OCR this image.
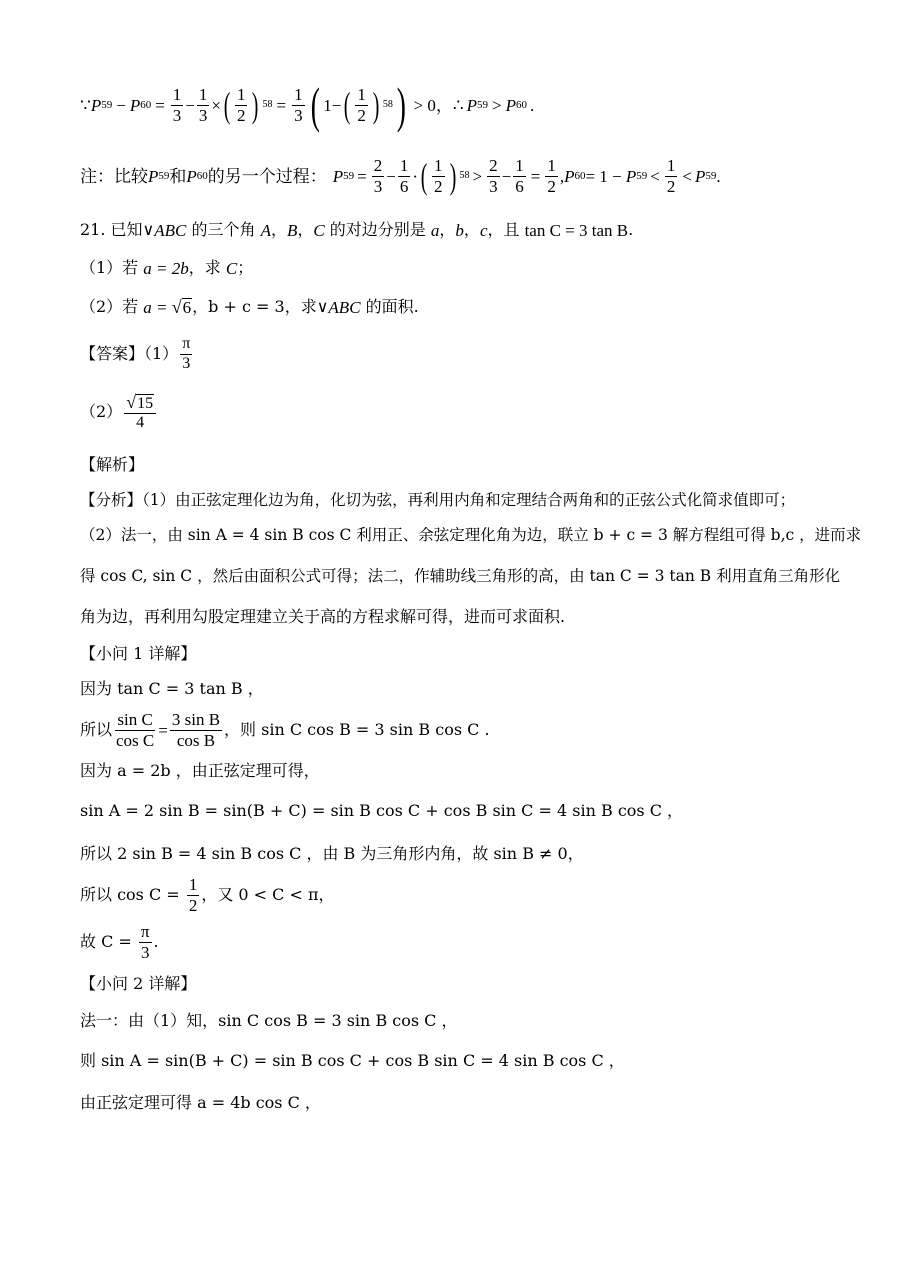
∵ P 59 − P $60 = \frac{1}{3} - \frac{1}{3}$ × ( $\frac{1}{2}$ ) $58 = \frac{1}{3}$ ( 1− ( $\frac{1}{2}$ ) 58 ) > 0， ∴ P 59 > P 60 .
注：比较 P 59 和 P 60 的另一个过程： P $59 = \frac{2}{3} - \frac{1}{6}$ · ( $\frac{1}{2}$ ) $58 > \frac{2}{3} - \frac{1}{6} = \frac{1}{2}$ , P 60 = 1 − P $59 < \frac{1}{2} < P$ 59 .
21. 已知 ∨ ABC 的三个角 A ， B ， C 的对边分别是 a ， b ， c ，且 tan C = 3 tan B .
（1）若 a = 2b ，求 C ；
（2）若 a = √ 6 ，b + c = 3，求 ∨ ABC 的面积.
【答案】$(1) \frac{\pi}{3}$
$(2) \frac{√15}{4}$
【解析】
【分析】（1）由正弦定理化边为角，化切为弦，再利用内角和定理结合两角和的正弦公式化简求值即可；
（2）法一，由 sin A = 4 sin B cos C 利用正、余弦定理化角为边，联立 b + c = 3 解方程组可得 b,c ，进而求
得 cos C, sin C ，然后由面积公式可得；法二，作辅助线三角形的高，由 tan C = 3 tan B 利用直角三角形化
角为边，再利用勾股定理建立关于高的方程求解可得，进而可求面积.
【小问 1 详解】
因为 tan C = 3 tan B ，
所以 $\frac{\text{sin C}}{\text{cos C}} = \frac{\text{3 sin B}}{\text{cos B}}$ ，则 sin C cos B = 3 sin B cos C .
因为 a = 2b ，由正弦定理可得，
sin A = 2 sin B = sin(B + C) = sin B cos C + cos B sin C = 4 sin B cos C ，
所以 2 sin B = 4 sin B cos C ，由 B 为三角形内角，故 sin B ≠ 0，
所以 $\cos C = \frac{1}{2}$ ，又 0 < C < π，
故 $C = \frac{\pi}{3}$ .
【小问 2 详解】
法一：由（1）知，sin C cos B = 3 sin B cos C ，
则 sin A = sin(B + C) = sin B cos C + cos B sin C = 4 sin B cos C ，
由正弦定理可得 a = 4b cos C ，
